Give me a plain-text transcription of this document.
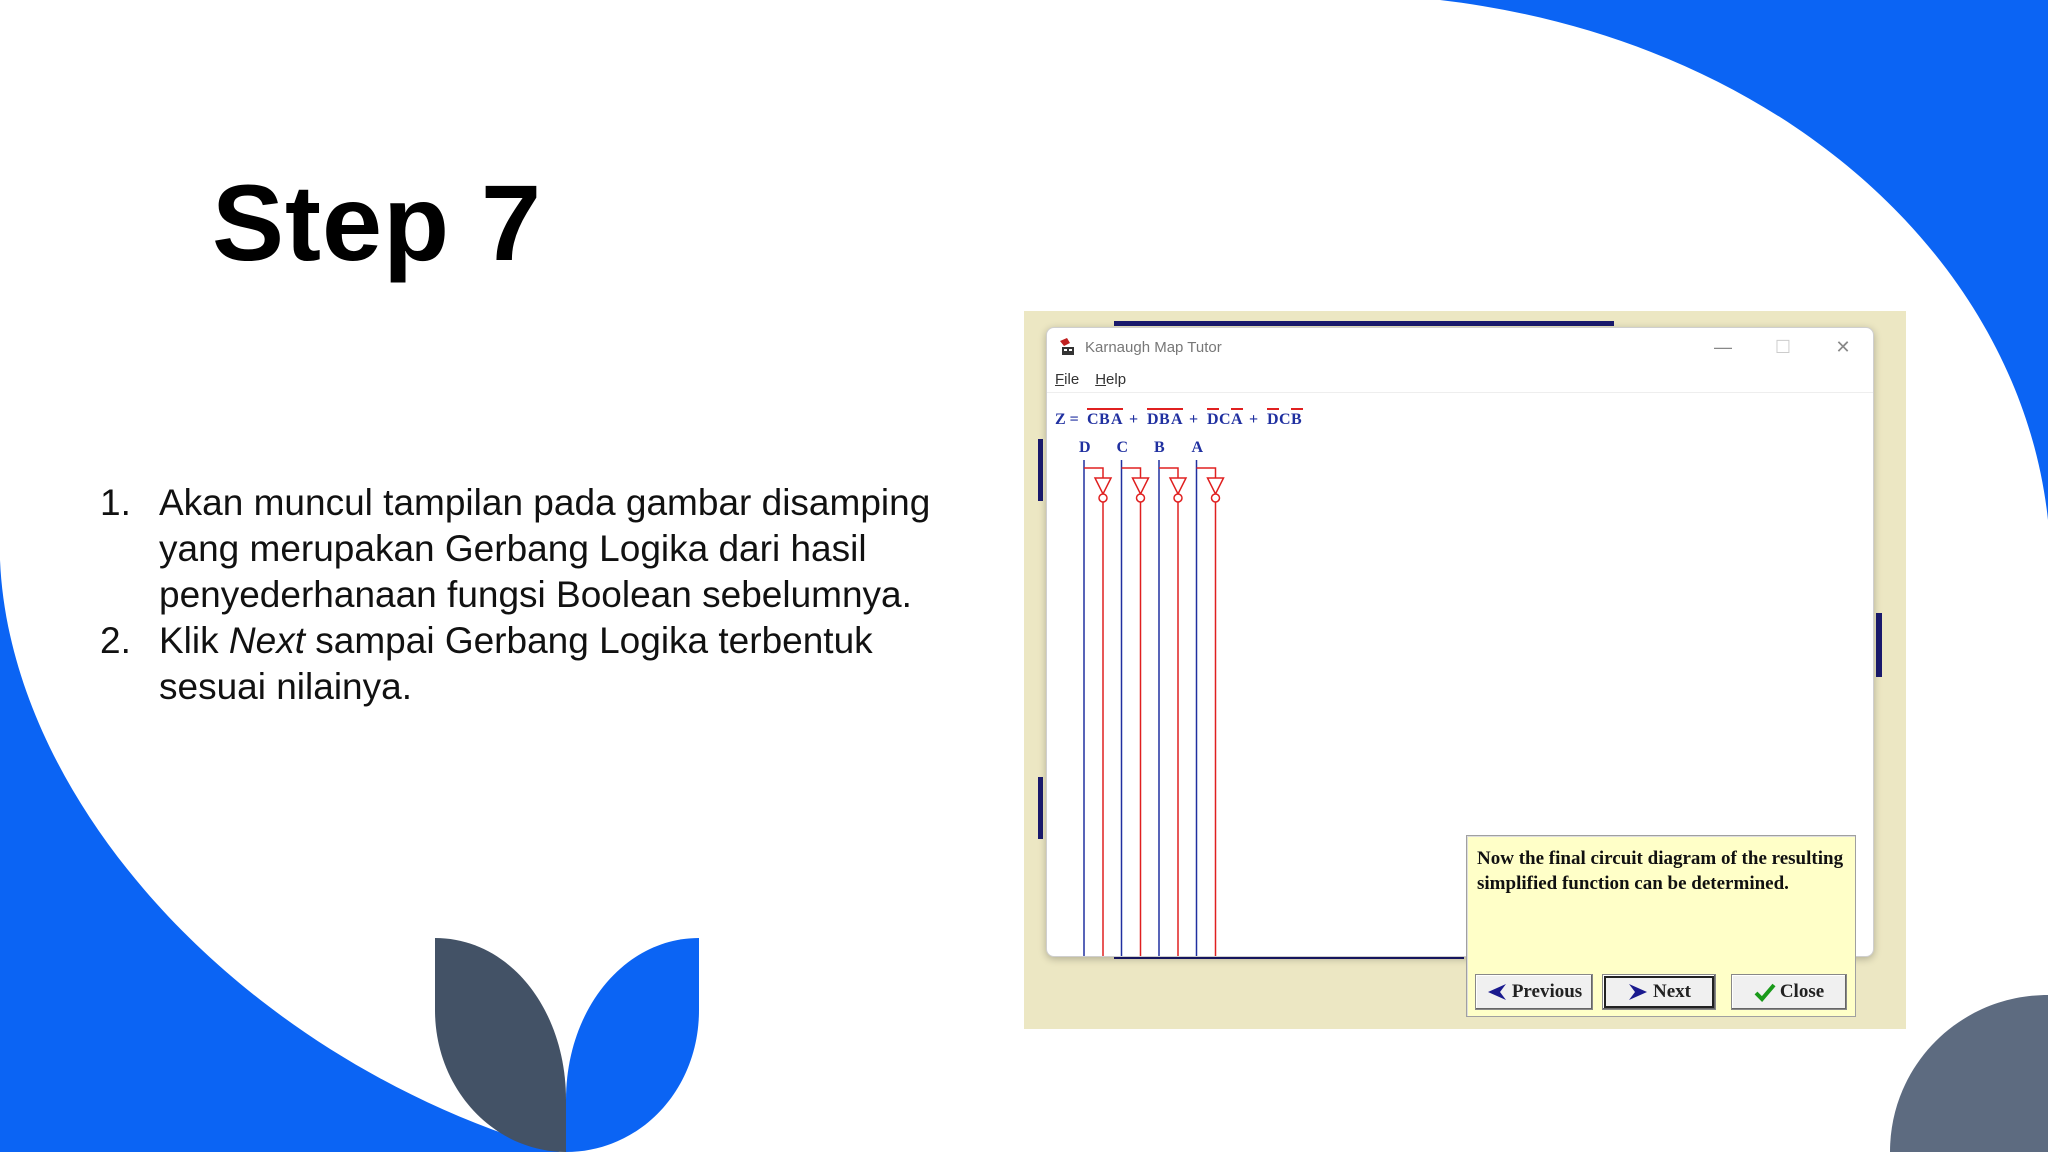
Step 7
1. Akan muncul tampilan pada gambar disamping yang merupakan Gerbang Logika dari hasil penyederhanaan fungsi Boolean sebelumnya.
2. Klik Next sampai Gerbang Logika terbentuk sesuai nilainya.
Karnaugh Map Tutor	—	☐	✕
File Help
Z = C B A + D B A + D C A + D C B
D C B A
Now the final circuit diagram of the resulting simplified function can be determined.
Previous	Next	Close
